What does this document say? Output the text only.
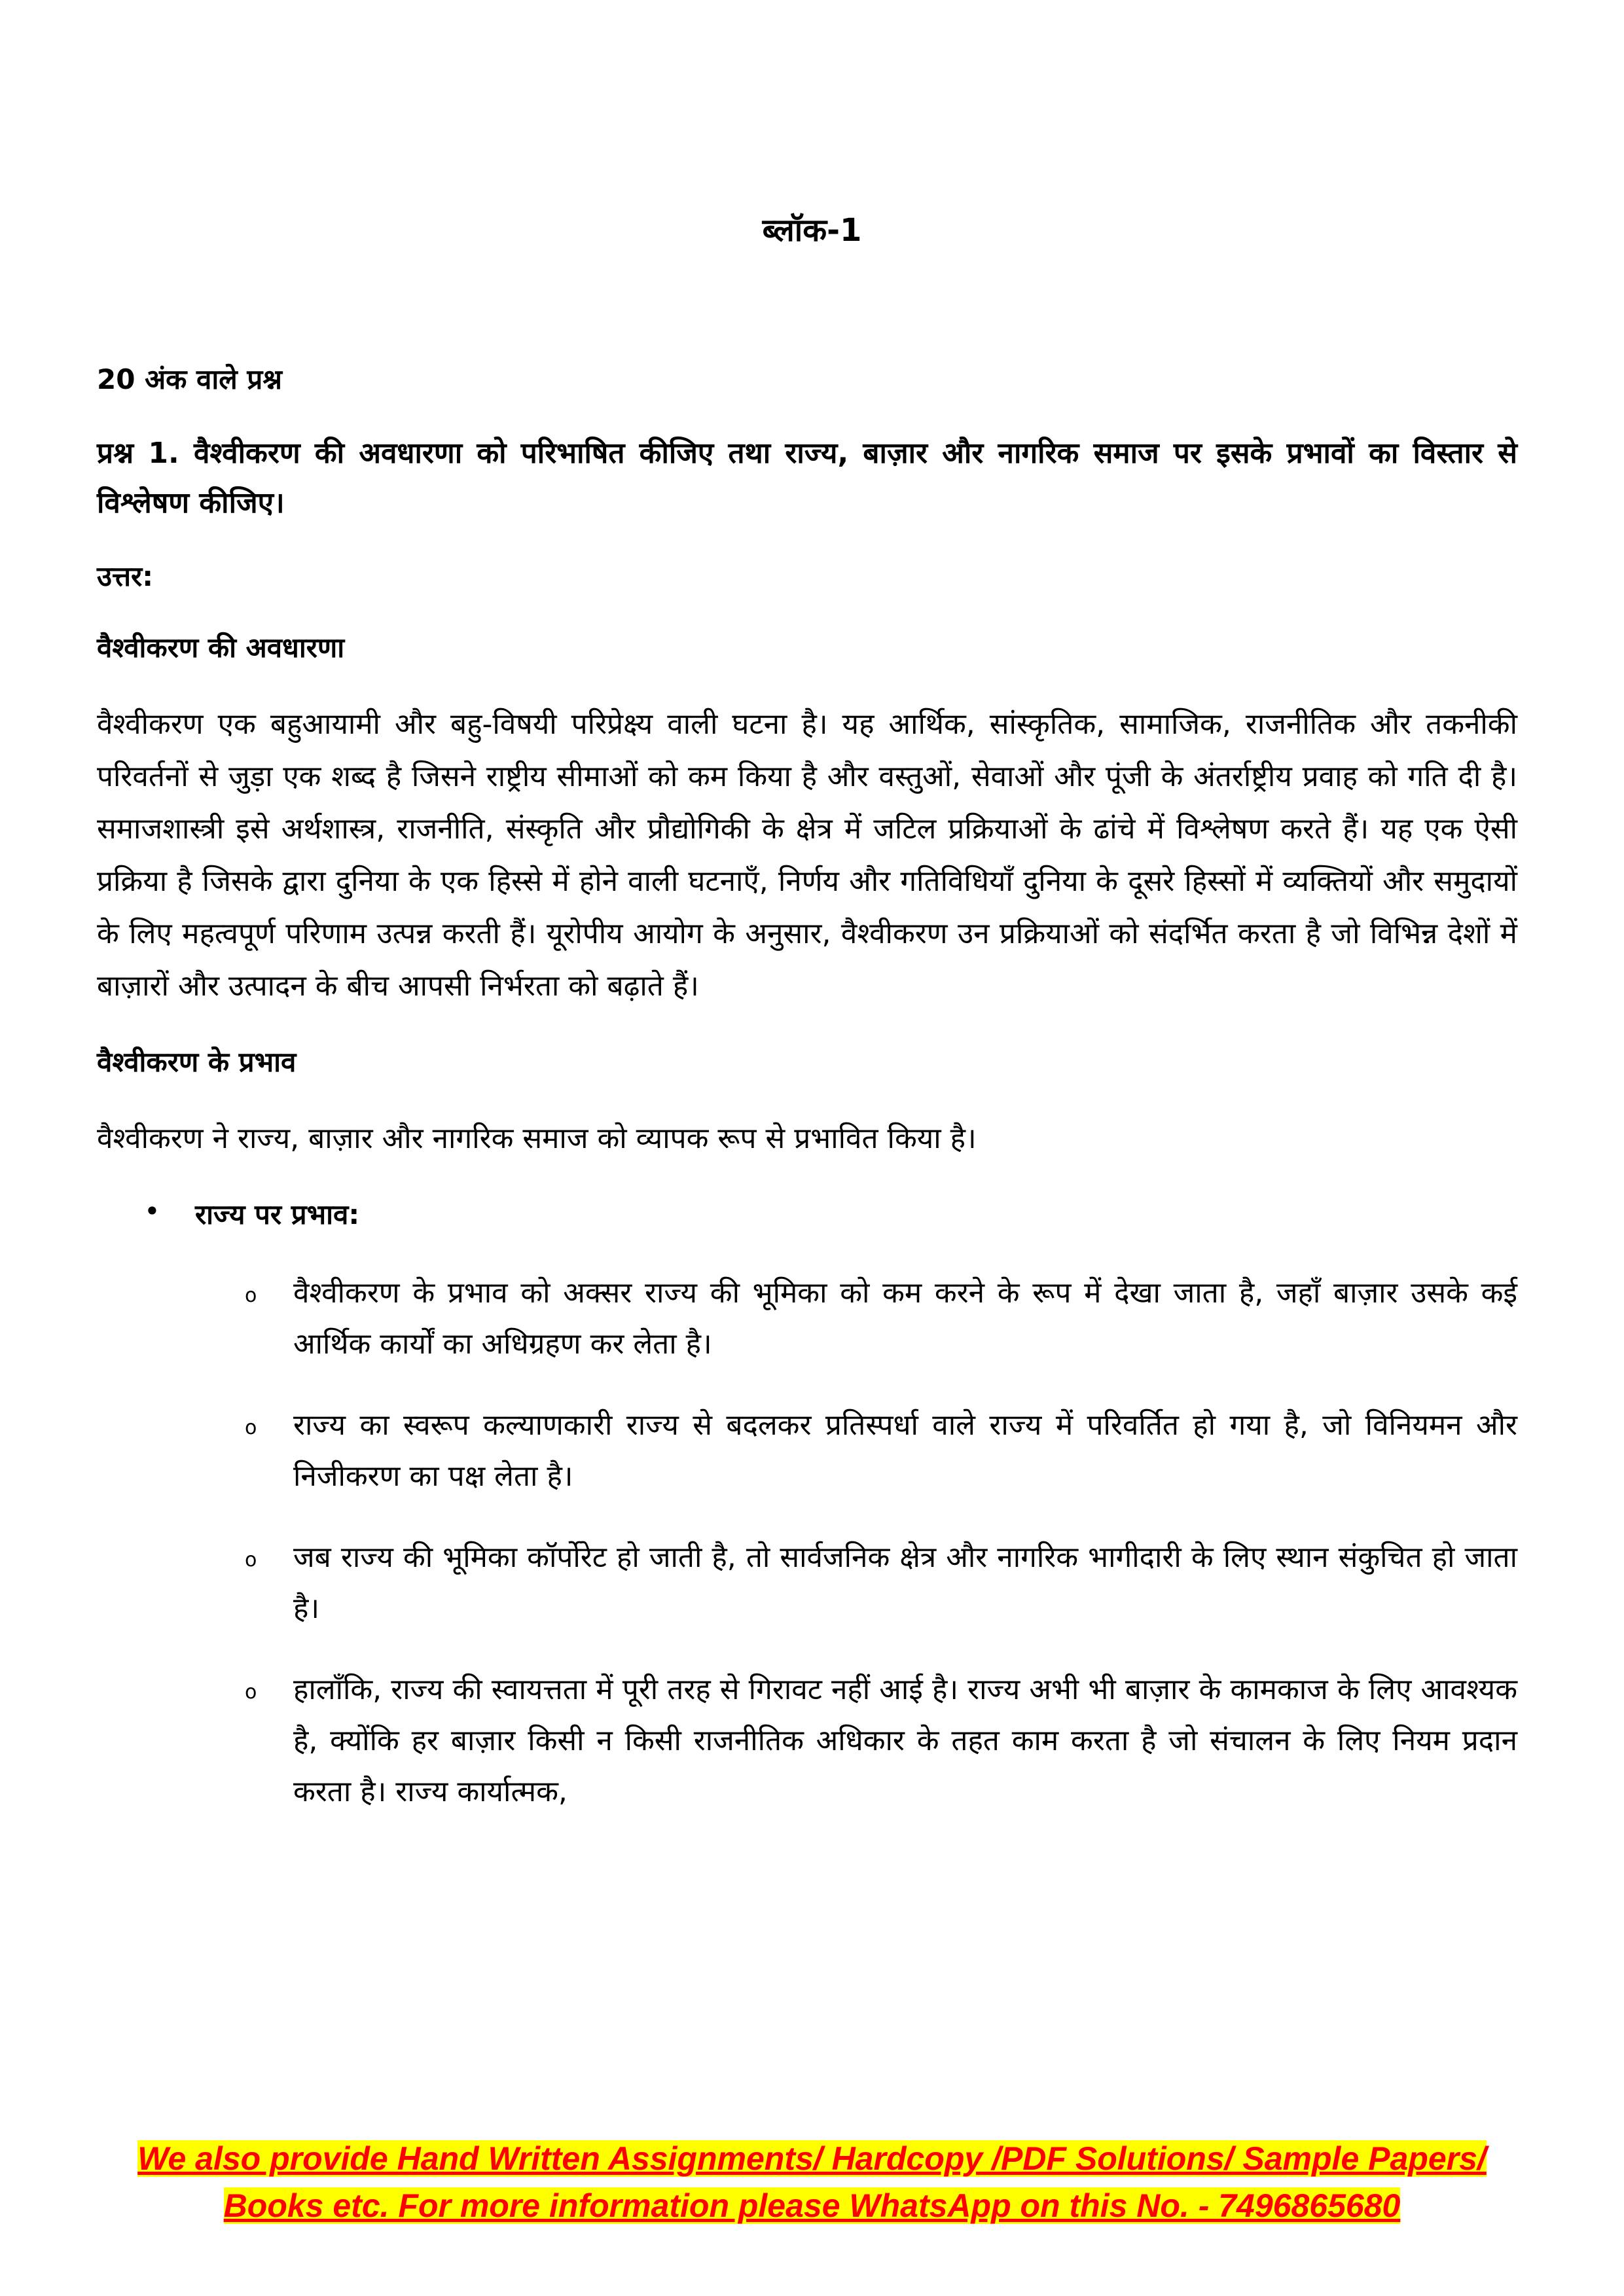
ब्लॉक-1
20 अंक वाले प्रश्न
प्रश्न 1. वैश्वीकरण की अवधारणा को परिभाषित कीजिए तथा राज्य, बाज़ार और नागरिक समाज पर इसके प्रभावों का विस्तार से विश्लेषण कीजिए।
उत्तर:
वैश्वीकरण की अवधारणा
वैश्वीकरण एक बहुआयामी और बहु-विषयी परिप्रेक्ष्य वाली घटना है। यह आर्थिक, सांस्कृतिक, सामाजिक, राजनीतिक और तकनीकी परिवर्तनों से जुड़ा एक शब्द है जिसने राष्ट्रीय सीमाओं को कम किया है और वस्तुओं, सेवाओं और पूंजी के अंतर्राष्ट्रीय प्रवाह को गति दी है। समाजशास्त्री इसे अर्थशास्त्र, राजनीति, संस्कृति और प्रौद्योगिकी के क्षेत्र में जटिल प्रक्रियाओं के ढांचे में विश्लेषण करते हैं। यह एक ऐसी प्रक्रिया है जिसके द्वारा दुनिया के एक हिस्से में होने वाली घटनाएँ, निर्णय और गतिविधियाँ दुनिया के दूसरे हिस्सों में व्यक्तियों और समुदायों के लिए महत्वपूर्ण परिणाम उत्पन्न करती हैं। यूरोपीय आयोग के अनुसार, वैश्वीकरण उन प्रक्रियाओं को संदर्भित करता है जो विभिन्न देशों में बाज़ारों और उत्पादन के बीच आपसी निर्भरता को बढ़ाते हैं।
वैश्वीकरण के प्रभाव
वैश्वीकरण ने राज्य, बाज़ार और नागरिक समाज को व्यापक रूप से प्रभावित किया है।
• राज्य पर प्रभाव:
o वैश्वीकरण के प्रभाव को अक्सर राज्य की भूमिका को कम करने के रूप में देखा जाता है, जहाँ बाज़ार उसके कई आर्थिक कार्यों का अधिग्रहण कर लेता है।
o राज्य का स्वरूप कल्याणकारी राज्य से बदलकर प्रतिस्पर्धा वाले राज्य में परिवर्तित हो गया है, जो विनियमन और निजीकरण का पक्ष लेता है।
o जब राज्य की भूमिका कॉर्पोरेट हो जाती है, तो सार्वजनिक क्षेत्र और नागरिक भागीदारी के लिए स्थान संकुचित हो जाता है।
o हालाँकि, राज्य की स्वायत्तता में पूरी तरह से गिरावट नहीं आई है। राज्य अभी भी बाज़ार के कामकाज के लिए आवश्यक है, क्योंकि हर बाज़ार किसी न किसी राजनीतिक अधिकार के तहत काम करता है जो संचालन के लिए नियम प्रदान करता है। राज्य कार्यात्मक,
We also provide Hand Written Assignments/ Hardcopy /PDF Solutions/ Sample Papers/
Books etc. For more information please WhatsApp on this No. - 7496865680
